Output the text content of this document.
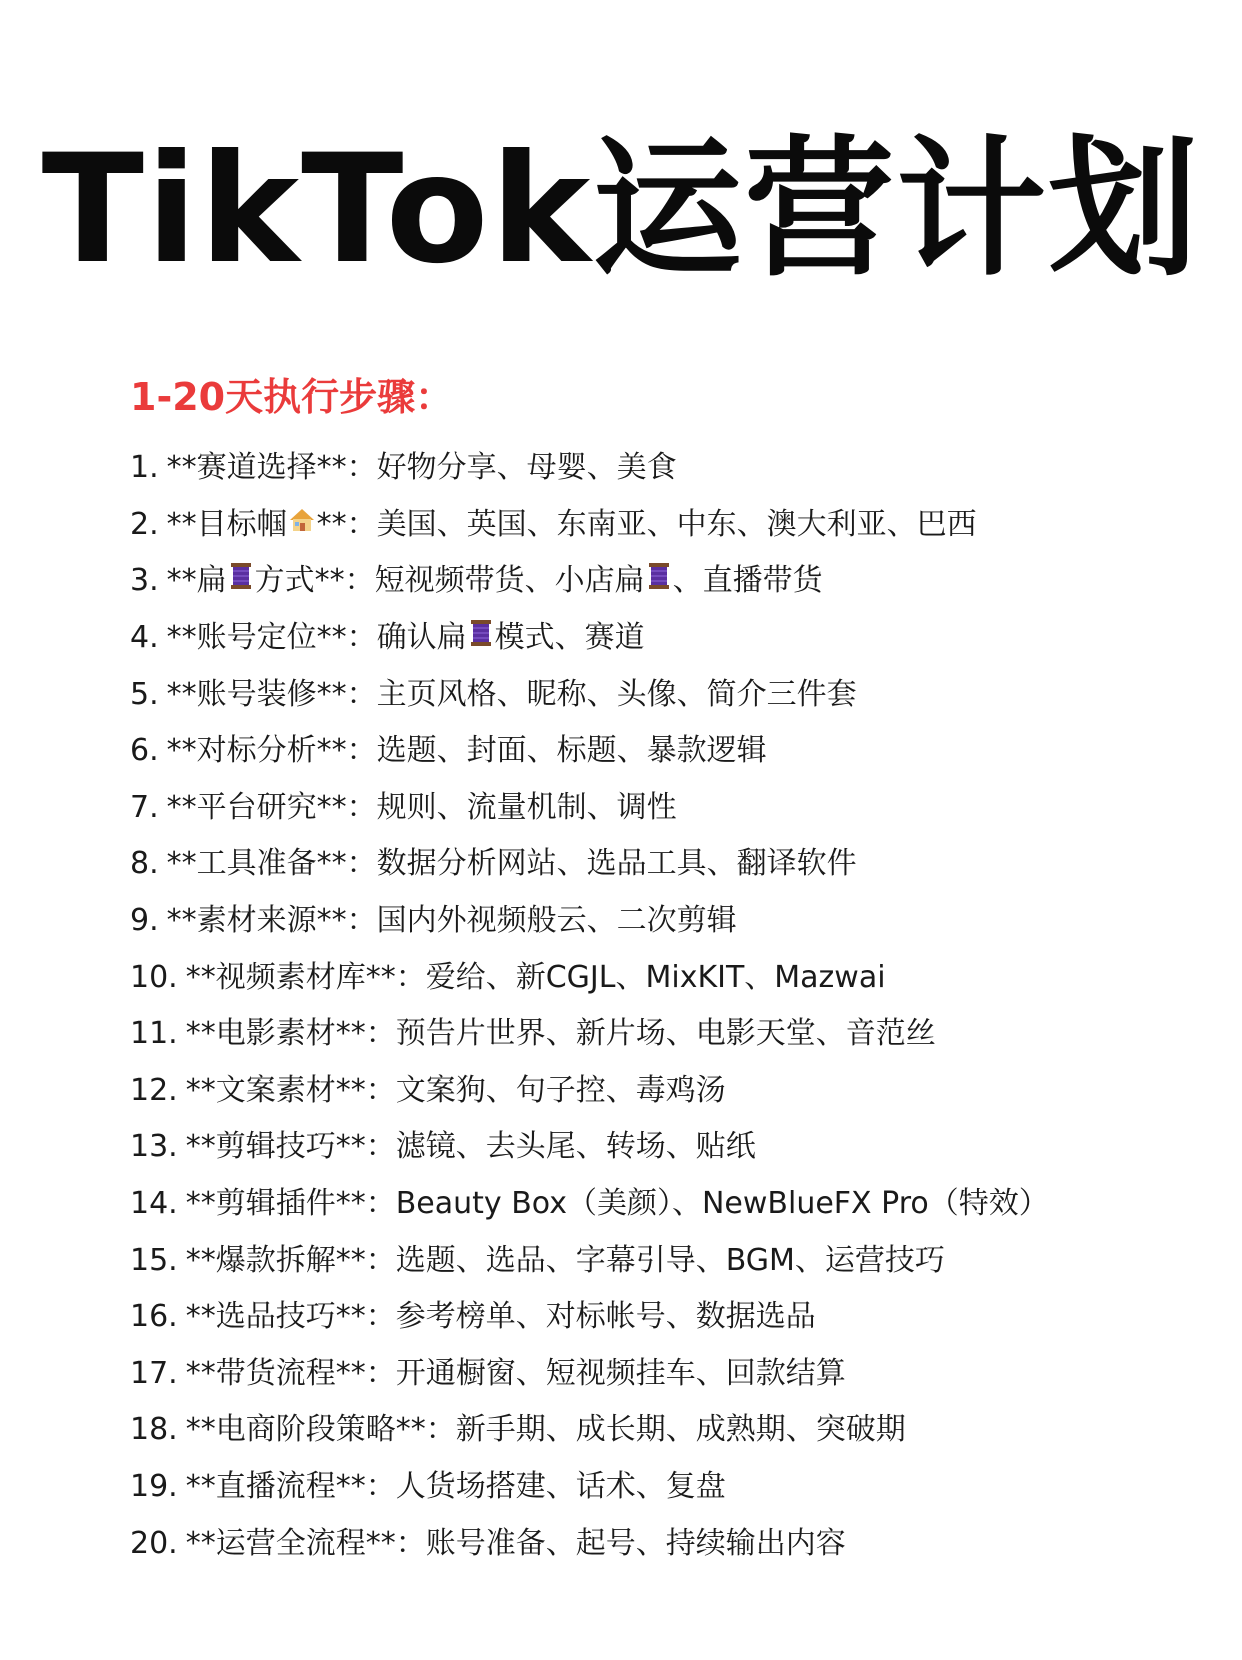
TikTok运营计划
1-20天执行步骤：
1. **赛道选择**：好物分享、母婴、美食
2. **目标帼 **：美国、英国、东南亚、中东、澳大利亚、巴西
3. **扁 方式**：短视频带货、小店扁 、直播带货
4. **账号定位**：确认扁 模式、赛道
5. **账号装修**：主页风格、昵称、头像、简介三件套
6. **对标分析**：选题、封面、标题、暴款逻辑
7. **平台研究**：规则、流量机制、调性
8. **工具准备**：数据分析网站、选品工具、翻译软件
9. **素材来源**：国内外视频般云、二次剪辑
10. **视频素材库**：爱给、新CGJL、MixKIT、Mazwai
11. **电影素材**：预告片世界、新片场、电影天堂、音范丝
12. **文案素材**：文案狗、句子控、毒鸡汤
13. **剪辑技巧**：滤镜、去头尾、转场、贴纸
14. **剪辑插件**：Beauty Box（美颜）、NewBlueFX Pro（特效）
15. **爆款拆解**：选题、选品、字幕引导、BGM、运营技巧
16. **选品技巧**：参考榜单、对标帐号、数据选品
17. **带货流程**：开通橱窗、短视频挂车、回款结算
18. **电商阶段策略**：新手期、成长期、成熟期、突破期
19. **直播流程**：人货场搭建、话术、复盘
20. **运营全流程**：账号准备、起号、持续输出内容
